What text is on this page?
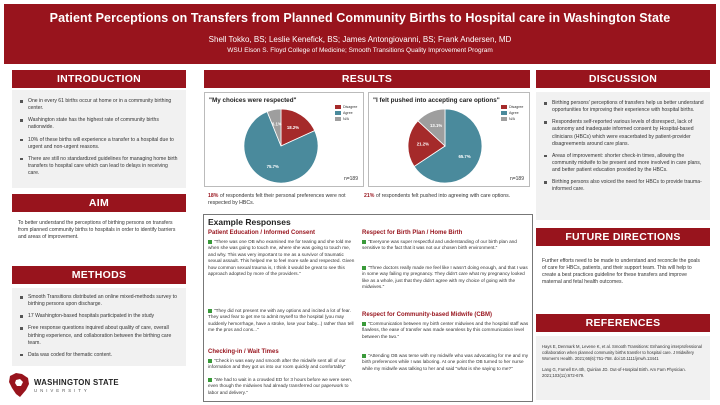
Patient Perceptions on Transfers from Planned Community Births to Hospital care in Washington State
Shell Tokko, BS; Leslie Kenefick, BS; James Antongiovanni, BS; Frank Andersen, MD
WSU Elson S. Floyd College of Medicine; Smooth Transitions Quality Improvement Program
INTRODUCTION
One in every 61 births occur at home or in a community birthing center.
Washington state has the highest rate of community births nationwide.
10% of these births will experience a transfer to a hospital due to urgent and non-urgent reasons.
There are still no standardized guidelines for managing home birth transfers to hospital care which can lead to delays in receiving care.
AIM
To better understand the perceptions of birthing persons on transfers from planned community births to hospitals in order to identify barriers and areas of improvement.
METHODS
Smooth Transitions distributed an online mixed-methods survey to birthing persons upon discharge.
17 Washington-based hospitals participated in the study
Free response questions inquired about quality of care, overall birthing experience, and collaboration between the birthing care team.
Data was coded for thematic content.
WASHINGTON STATE
UNIVERSITY
RESULTS
"My choices were respected"
18.2%
75.7%
6.1%
Disagree
Agree
N/A
n=189
"I felt pushed into accepting care options"
65.7%
21.2%
13.1%
Disagree
Agree
N/A
n=189
18% of respondents felt their personal preferences were not respected by HBCs.
21% of respondents felt pushed into agreeing with care options.
Example Responses
Patient Education / Informed Consent
"There was one OB who examined me for tearing and she told me when she was going to touch me, where she was going to touch me, and why. This was very important to me as a survivor of traumatic sexual assault. This helped me to feel more safe and respected. Given how common sexual trauma is, I think it would be great to see this approach adopted by more of the providers."
"They did not present me with any options and incited a lot of fear. They used fear to get me to admit myself to the hospital (you may suddenly hemorrhage, have a stroke, lose your baby...) rather than tell me the pros and cons..."
Checking-in / Wait Times
"Check in was easy and smooth after the midwife sent all of our information and they got us into our room quickly and comfortably"
"We had to wait in a crowded ED for 3 hours before we were seen, even though the midwives had already transferred our paperwork to labor and delivery."
Respect for Birth Plan / Home Birth
"Everyone was super respectful and understanding of our birth plan and sensitive to the fact that it was not our chosen birth environment."
"Three doctors really made me feel like I wasn't doing enough, and that I was in some way failing my pregnancy. They didn't care what my pregnancy looked like as a whole, just that they didn't agree with my choice of going with the midwives."
Respect for Community-based Midwife (CBM)
"Communication between my birth center midwives and the hospital staff was flawless, the ease of transfer was made seamless by this communication level between the two."
"Attending OB was terse with my midwife who was advocating for me and my birth preferences while I was laboring. At one point the OB turned to her nurse while my midwife was talking to her and said "what is she saying to me?"
DISCUSSION
Birthing persons' perceptions of transfers help us better understand opportunities for improving their experience with hospital births.
Respondents self-reported various levels of disrespect, lack of autonomy and inadequate informed consent by Hospital-based clinicians (HBCs) which were exacerbated by patient-provider disagreements around care plans.
Areas of improvement: shorter check-in times, allowing the community midwife to be present and more involved in care plans, and better patient education provided by the HBCs.
Birthing persons also voiced the need for HBCs to provide trauma-informed care.
FUTURE DIRECTIONS
Further efforts need to be made to understand and reconcile the goals of care for HBCs, patients, and their support team. This will help to create a best practices guideline for these transfers and improve maternal and fetal health outcomes.
REFERENCES
Hays E, Denmark M, Levene K, et al. Smooth Transitions: Enhancing interprofessional collaboration when planned community births transfer to hospital care. J Midwifery Women's Health. 2021;66(6):751-758. doi:10.1111/jmwh.13441
Lang G, Farnell EA 4th, Quinlan JD. Out-of-Hospital Birth. Am Fam Physician. 2021;103(11):672-679.
